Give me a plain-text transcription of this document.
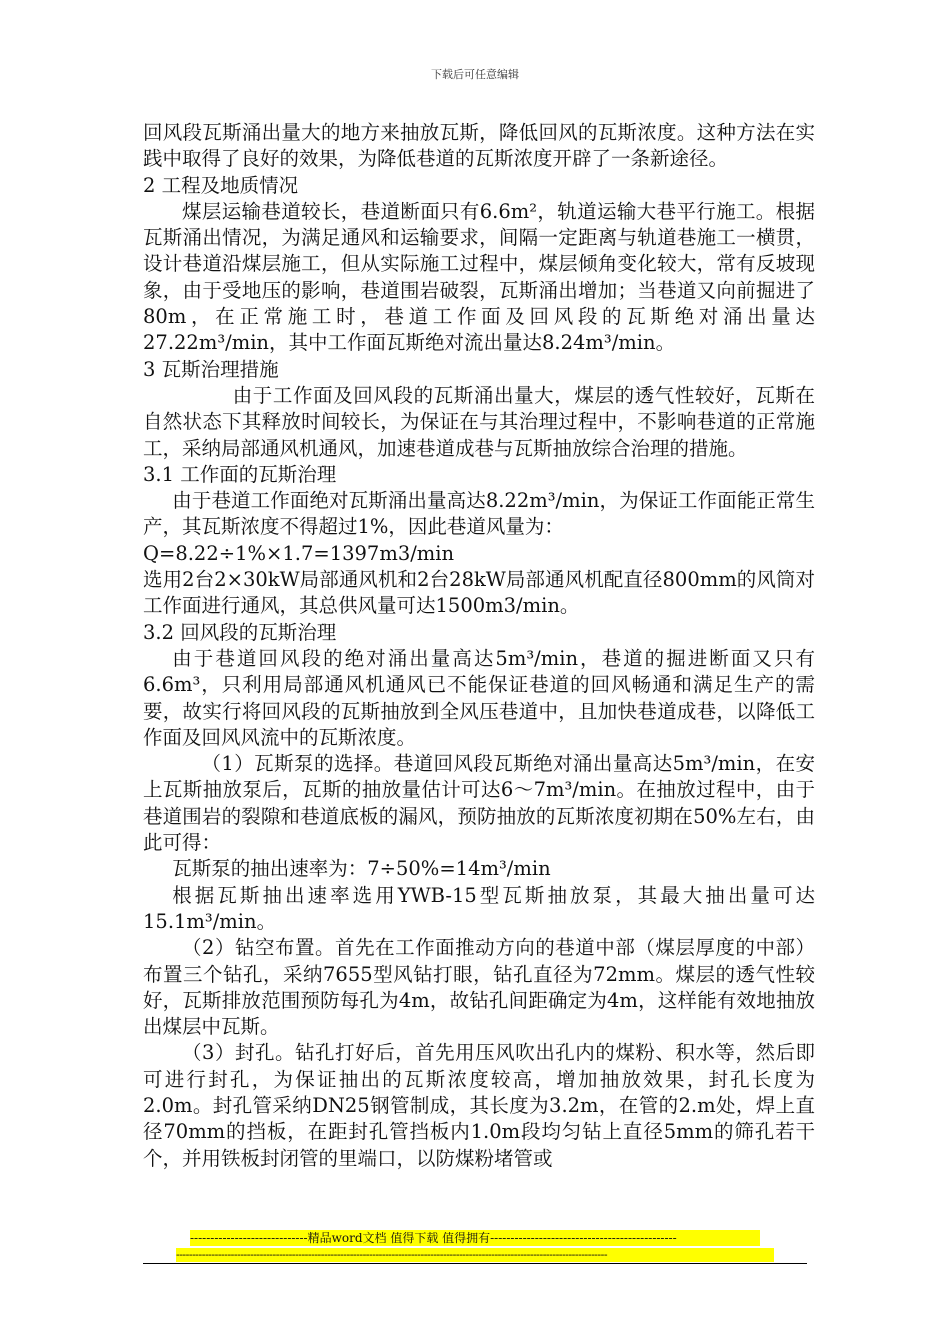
下载后可任意编辑

回风段瓦斯涌出量大的地方来抽放瓦斯，降低回风的瓦斯浓度。这种方法在实践中取得了良好的效果，为降低巷道的瓦斯浓度开辟了一条新途径。

2 工程及地质情况

煤层运输巷道较长，巷道断面只有6.6m²，轨道运输大巷平行施工。根据瓦斯涌出情况，为满足通风和运输要求，间隔一定距离与轨道巷施工一横贯，设计巷道沿煤层施工，但从实际施工过程中，煤层倾角变化较大，常有反坡现象，由于受地压的影响，巷道围岩破裂，瓦斯涌出增加；当巷道又向前掘进了80m，在正常施工时，巷道工作面及回风段的瓦斯绝对涌出量达27.22m³/min，其中工作面瓦斯绝对流出量达8.24m³/min。

3 瓦斯治理措施

由于工作面及回风段的瓦斯涌出量大，煤层的透气性较好，瓦斯在自然状态下其释放时间较长，为保证在与其治理过程中，不影响巷道的正常施工，采纳局部通风机通风，加速巷道成巷与瓦斯抽放综合治理的措施。

3.1 工作面的瓦斯治理

由于巷道工作面绝对瓦斯涌出量高达8.22m³/min，为保证工作面能正常生产，其瓦斯浓度不得超过1%，因此巷道风量为：

Q=8.22÷1%×1.7=1397m3/min

选用2台2×30kW局部通风机和2台28kW局部通风机配直径800mm的风筒对工作面进行通风，其总供风量可达1500m3/min。

3.2 回风段的瓦斯治理

由于巷道回风段的绝对涌出量高达5m³/min，巷道的掘进断面又只有6.6m³，只利用局部通风机通风已不能保证巷道的回风畅通和满足生产的需要，故实行将回风段的瓦斯抽放到全风压巷道中，且加快巷道成巷，以降低工作面及回风风流中的瓦斯浓度。

（1）瓦斯泵的选择。巷道回风段瓦斯绝对涌出量高达5m³/min，在安上瓦斯抽放泵后，瓦斯的抽放量估计可达6～7m³/min。在抽放过程中，由于巷道围岩的裂隙和巷道底板的漏风，预防抽放的瓦斯浓度初期在50%左右，由此可得：

瓦斯泵的抽出速率为：7÷50%=14m³/min

根据瓦斯抽出速率选用YWB-15型瓦斯抽放泵，其最大抽出量可达15.1m³/min。

（2）钻空布置。首先在工作面推动方向的巷道中部（煤层厚度的中部）布置三个钻孔，采纳7655型风钻打眼，钻孔直径为72mm。煤层的透气性较好，瓦斯排放范围预防每孔为4m，故钻孔间距确定为4m，这样能有效地抽放出煤层中瓦斯。

（3）封孔。钻孔打好后，首先用压风吹出孔内的煤粉、积水等，然后即可进行封孔，为保证抽出的瓦斯浓度较高，增加抽放效果，封孔长度为2.0m。封孔管采纳DN25钢管制成，其长度为3.2m，在管的2.m处，焊上直径70mm的挡板，在距封孔管挡板内1.0m段均匀钻上直径5mm的筛孔若干个，并用铁板封闭管的里端口，以防煤粉堵管或

-----------------------------精品word文档 值得下载 值得拥有----------------------------------------------
--------------------------------------------------------------------------------------------------------------------------------------
